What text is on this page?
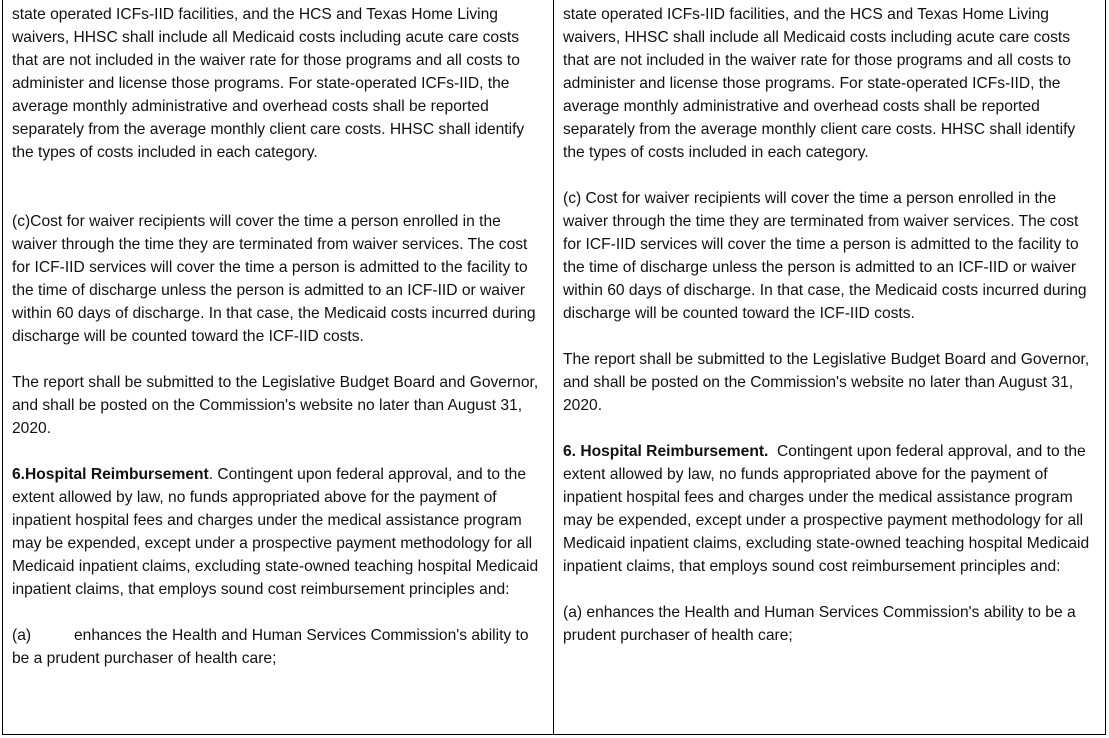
state operated ICFs-IID facilities, and the HCS and Texas Home Living waivers, HHSC shall include all Medicaid costs including acute care costs that are not included in the waiver rate for those programs and all costs to administer and license those programs. For state-operated ICFs-IID, the average monthly administrative and overhead costs shall be reported separately from the average monthly client care costs. HHSC shall identify the types of costs included in each category.

(c)Cost for waiver recipients will cover the time a person enrolled in the waiver through the time they are terminated from waiver services. The cost for ICF-IID services will cover the time a person is admitted to the facility to the time of discharge unless the person is admitted to an ICF-IID or waiver within 60 days of discharge. In that case, the Medicaid costs incurred during discharge will be counted toward the ICF-IID costs.

The report shall be submitted to the Legislative Budget Board and Governor, and shall be posted on the Commission's website no later than August 31, 2020.

6.Hospital Reimbursement. Contingent upon federal approval, and to the extent allowed by law, no funds appropriated above for the payment of inpatient hospital fees and charges under the medical assistance program may be expended, except under a prospective payment methodology for all Medicaid inpatient claims, excluding state-owned teaching hospital Medicaid inpatient claims, that employs sound cost reimbursement principles and:

(a)	enhances the Health and Human Services Commission's ability to be a prudent purchaser of health care;

state operated ICFs-IID facilities, and the HCS and Texas Home Living waivers, HHSC shall include all Medicaid costs including acute care costs that are not included in the waiver rate for those programs and all costs to administer and license those programs. For state-operated ICFs-IID, the average monthly administrative and overhead costs shall be reported separately from the average monthly client care costs. HHSC shall identify the types of costs included in each category.

(c) Cost for waiver recipients will cover the time a person enrolled in the waiver through the time they are terminated from waiver services. The cost for ICF-IID services will cover the time a person is admitted to the facility to the time of discharge unless the person is admitted to an ICF-IID or waiver within 60 days of discharge. In that case, the Medicaid costs incurred during discharge will be counted toward the ICF-IID costs.

The report shall be submitted to the Legislative Budget Board and Governor, and shall be posted on the Commission's website no later than August 31, 2020.

6. Hospital Reimbursement.  Contingent upon federal approval, and to the extent allowed by law, no funds appropriated above for the payment of inpatient hospital fees and charges under the medical assistance program may be expended, except under a prospective payment methodology for all Medicaid inpatient claims, excluding state-owned teaching hospital Medicaid inpatient claims, that employs sound cost reimbursement principles and:

(a) enhances the Health and Human Services Commission's ability to be a prudent purchaser of health care;
